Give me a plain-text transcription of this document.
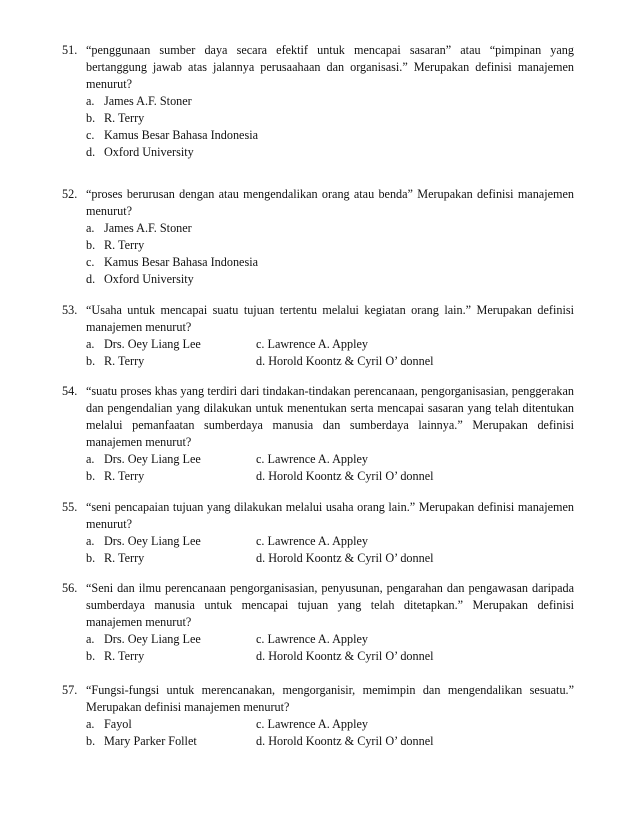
51. “penggunaan sumber daya secara efektif untuk mencapai sasaran” atau “pimpinan yang bertanggung jawab atas jalannya perusaahaan dan organisasi.” Merupakan definisi manajemen menurut?
a. James A.F. Stoner
b. R. Terry
c. Kamus Besar Bahasa Indonesia
d. Oxford University
52. “proses berurusan dengan atau mengendalikan orang atau benda” Merupakan definisi manajemen menurut?
a. James A.F. Stoner
b. R. Terry
c. Kamus Besar Bahasa Indonesia
d. Oxford University
53. “Usaha untuk mencapai suatu tujuan tertentu melalui kegiatan orang lain.” Merupakan definisi manajemen menurut?
a. Drs. Oey Liang Lee	c. Lawrence A. Appley
b. R. Terry	d. Horold Koontz & Cyril O’ donnel
54. “suatu proses khas yang terdiri dari tindakan-tindakan perencanaan, pengorganisasian, penggerakan dan pengendalian yang dilakukan untuk menentukan serta mencapai sasaran yang telah ditentukan melalui pemanfaatan sumberdaya manusia dan sumberdaya lainnya.” Merupakan definisi manajemen menurut?
a. Drs. Oey Liang Lee	c. Lawrence A. Appley
b. R. Terry	d. Horold Koontz & Cyril O’ donnel
55. “seni pencapaian tujuan yang dilakukan melalui usaha orang lain.” Merupakan definisi manajemen menurut?
a. Drs. Oey Liang Lee	c. Lawrence A. Appley
b. R. Terry	d. Horold Koontz & Cyril O’ donnel
56. “Seni dan ilmu perencanaan pengorganisasian, penyusunan, pengarahan dan pengawasan daripada sumberdaya manusia untuk mencapai tujuan yang telah ditetapkan.” Merupakan definisi manajemen menurut?
a. Drs. Oey Liang Lee	c. Lawrence A. Appley
b. R. Terry	d. Horold Koontz & Cyril O’ donnel
57. “Fungsi-fungsi untuk merencanakan, mengorganisir, memimpin dan mengendalikan sesuatu.” Merupakan definisi manajemen menurut?
a. Fayol	c. Lawrence A. Appley
b. Mary Parker Follet	d. Horold Koontz & Cyril O’ donnel
